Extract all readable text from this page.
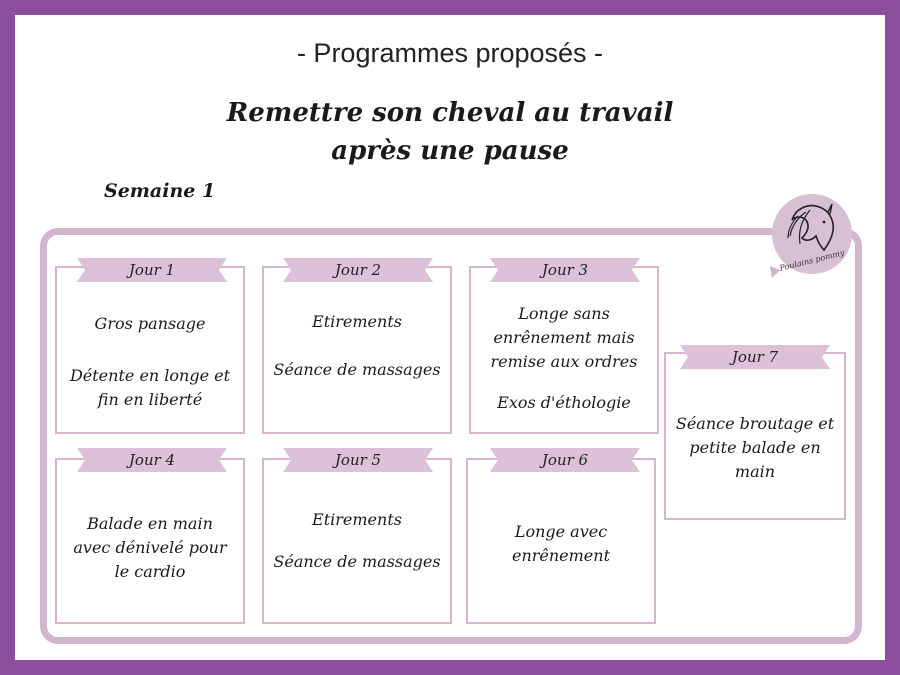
- Programmes proposés -
Remettre son cheval au travail
après une pause
Semaine 1
Poulains pommy
Gros pansage
Détente en longe et
fin en liberté
Jour 1
Etirements
Séance de massages
Jour 2
Longe sans
enrênement mais
remise aux ordres
Exos d'éthologie
Jour 3
Balade en main
avec dénivelé pour
le cardio
Jour 4
Etirements
Séance de massages
Jour 5
Longe avec
enrênement
Jour 6
Séance broutage et
petite balade en
main
Jour 7
